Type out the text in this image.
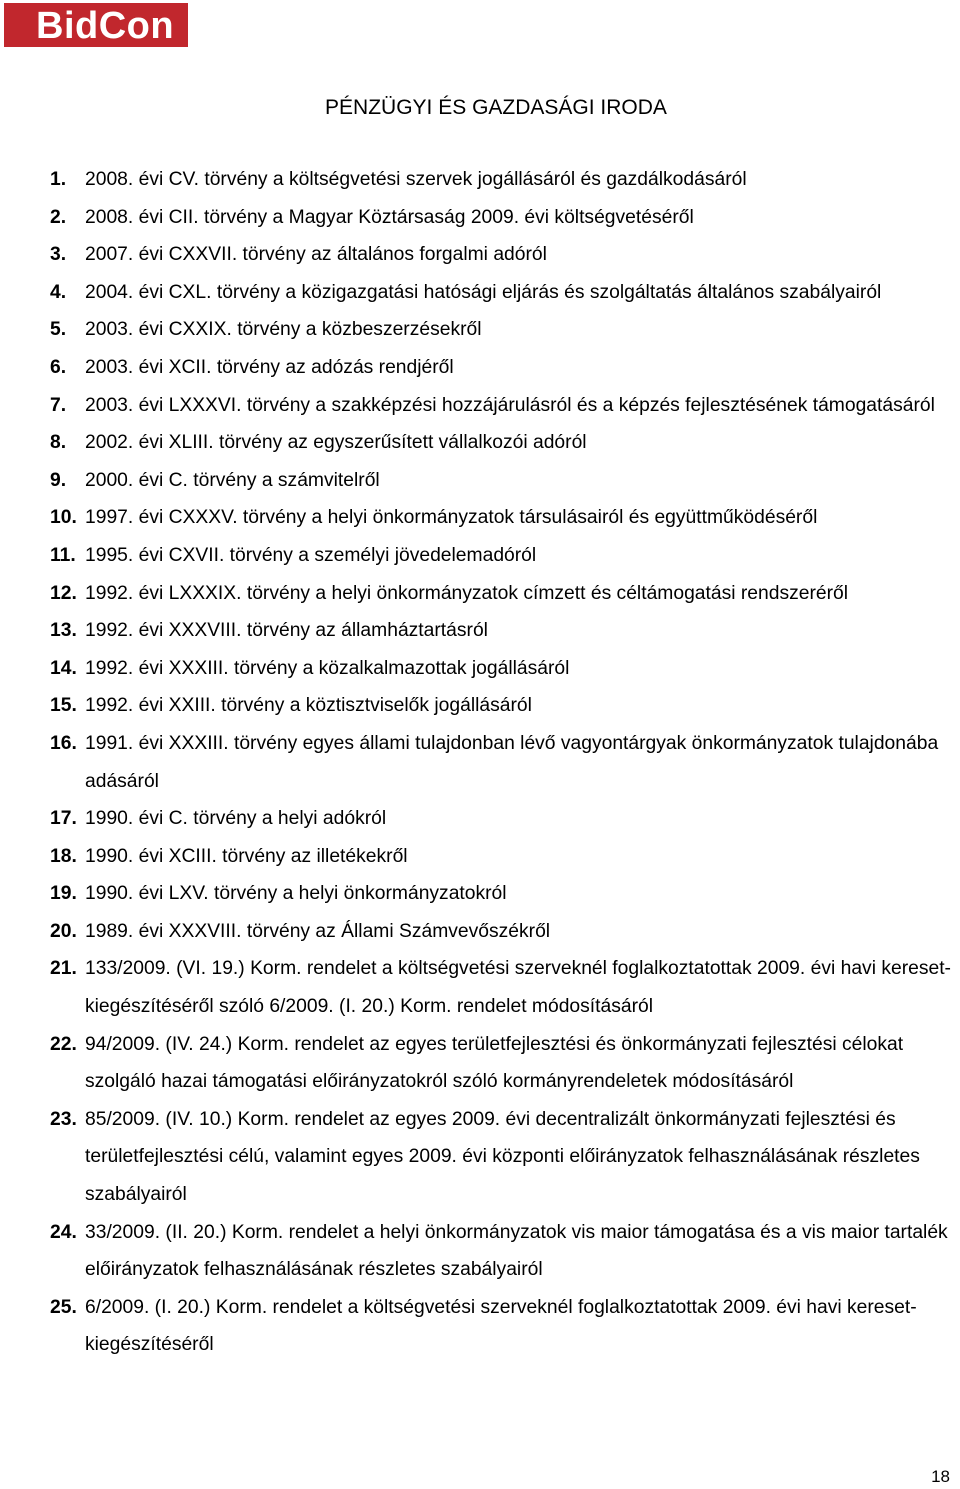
BidCon
PÉNZÜGYI ÉS GAZDASÁGI IRODA
1. 2008. évi CV. törvény a költségvetési szervek jogállásáról és gazdálkodásáról
2. 2008. évi CII. törvény a Magyar Köztársaság 2009. évi költségvetéséről
3. 2007. évi CXXVII. törvény az általános forgalmi adóról
4. 2004. évi CXL. törvény a közigazgatási hatósági eljárás és szolgáltatás általános szabályairól
5. 2003. évi CXXIX. törvény a közbeszerzésekről
6. 2003. évi XCII. törvény az adózás rendjéről
7. 2003. évi LXXXVI. törvény a szakképzési hozzájárulásról és a képzés fejlesztésének támogatásáról
8. 2002. évi XLIII. törvény az egyszerűsített vállalkozói adóról
9. 2000. évi C. törvény a számvitelről
10. 1997. évi CXXXV. törvény a helyi önkormányzatok társulásairól és együttműködéséről
11. 1995. évi CXVII. törvény a személyi jövedelemadóról
12. 1992. évi LXXXIX. törvény a helyi önkormányzatok címzett és céltámogatási rendszeréről
13. 1992. évi XXXVIII. törvény az államháztartásról
14. 1992. évi XXXIII. törvény a közalkalmazottak jogállásáról
15. 1992. évi XXIII. törvény a köztisztviselők jogállásáról
16. 1991. évi XXXIII. törvény egyes állami tulajdonban lévő vagyontárgyak önkormányzatok tulajdonába adásáról
17. 1990. évi C. törvény a helyi adókról
18. 1990. évi XCIII. törvény az illetékekről
19. 1990. évi LXV. törvény a helyi önkormányzatokról
20. 1989. évi XXXVIII. törvény az Állami Számvevőszékről
21. 133/2009. (VI. 19.) Korm. rendelet a költségvetési szerveknél foglalkoztatottak 2009. évi havi kereset-kiegészítéséről szóló 6/2009. (I. 20.) Korm. rendelet módosításáról
22. 94/2009. (IV. 24.) Korm. rendelet az egyes területfejlesztési és önkormányzati fejlesztési célokat szolgáló hazai támogatási előirányzatokról szóló kormányrendeletek módosításáról
23. 85/2009. (IV. 10.) Korm. rendelet az egyes 2009. évi decentralizált önkormányzati fejlesztési és területfejlesztési célú, valamint egyes 2009. évi központi előirányzatok felhasználásának részletes szabályairól
24. 33/2009. (II. 20.) Korm. rendelet a helyi önkormányzatok vis maior támogatása és a vis maior tartalék előirányzatok felhasználásának részletes szabályairól
25. 6/2009. (I. 20.) Korm. rendelet a költségvetési szerveknél foglalkoztatottak 2009. évi havi kereset-kiegészítéséről
18
